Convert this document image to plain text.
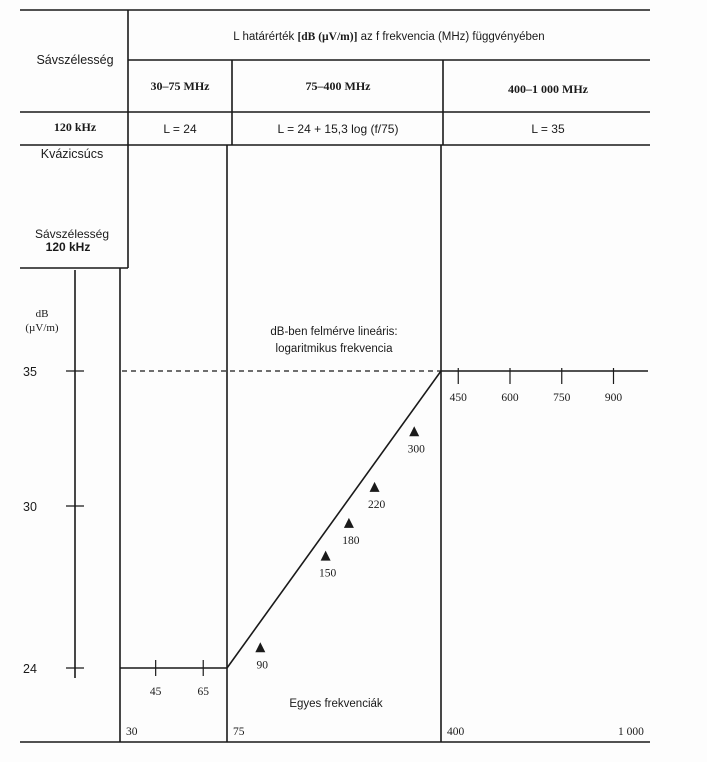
Sávszélesség
L határérték [dB (µV/m)] az f frekvencia (MHz) függvényében
30–75 MHz	75–400 MHz	400–1 000 MHz
120 kHz	L = 24	L = 24 + 15,3 log (f/75)	L = 35
Kvázicsúcs
Sávszélesség
120 kHz
dB
(µV/m)
35
30
24
45	65
450	600	750	900
30	75	400	1 000
90
150
180
220
300
dB-ben felmérve lineáris:
logaritmikus frekvencia
Egyes frekvenciák
